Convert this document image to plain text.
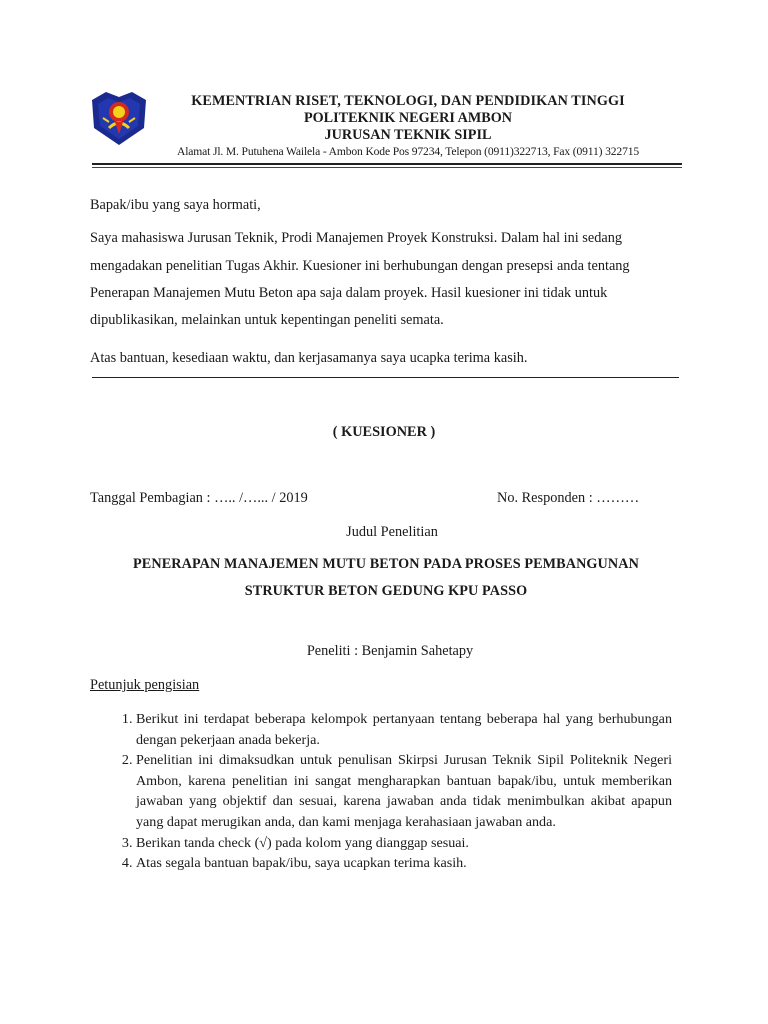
KEMENTRIAN RISET, TEKNOLOGI, DAN PENDIDIKAN TINGGI
POLITEKNIK NEGERI AMBON
JURUSAN TEKNIK SIPIL
Alamat Jl. M. Putuhena Wailela - Ambon Kode Pos 97234, Telepon (0911)322713, Fax (0911) 322715
Bapak/ibu yang saya hormati,
Saya mahasiswa Jurusan Teknik, Prodi Manajemen Proyek Konstruksi. Dalam hal ini sedang
mengadakan penelitian Tugas Akhir. Kuesioner ini berhubungan dengan presepsi anda tentang
Penerapan Manajemen Mutu Beton apa saja dalam proyek. Hasil kuesioner ini tidak untuk
dipublikasikan, melainkan untuk kepentingan peneliti semata.
Atas bantuan, kesediaan waktu, dan kerjasamanya saya ucapka terima kasih.
( KUESIONER )
Tanggal Pembagian : ….. /…... / 2019	No. Responden : ………
Judul Penelitian
PENERAPAN MANAJEMEN MUTU BETON PADA PROSES PEMBANGUNAN
STRUKTUR BETON GEDUNG KPU PASSO
Peneliti : Benjamin Sahetapy
Petunjuk pengisian
1. Berikut ini terdapat beberapa kelompok pertanyaan tentang beberapa hal yang berhubungan dengan pekerjaan anada bekerja.
2. Penelitian ini dimaksudkan untuk penulisan Skirpsi Jurusan Teknik Sipil Politeknik Negeri Ambon, karena penelitian ini sangat mengharapkan bantuan bapak/ibu, untuk memberikan jawaban yang objektif dan sesuai, karena jawaban anda tidak menimbulkan akibat apapun yang dapat merugikan anda, dan kami menjaga kerahasiaan jawaban anda.
3. Berikan tanda check (√) pada kolom yang dianggap sesuai.
4. Atas segala bantuan bapak/ibu, saya ucapkan terima kasih.
